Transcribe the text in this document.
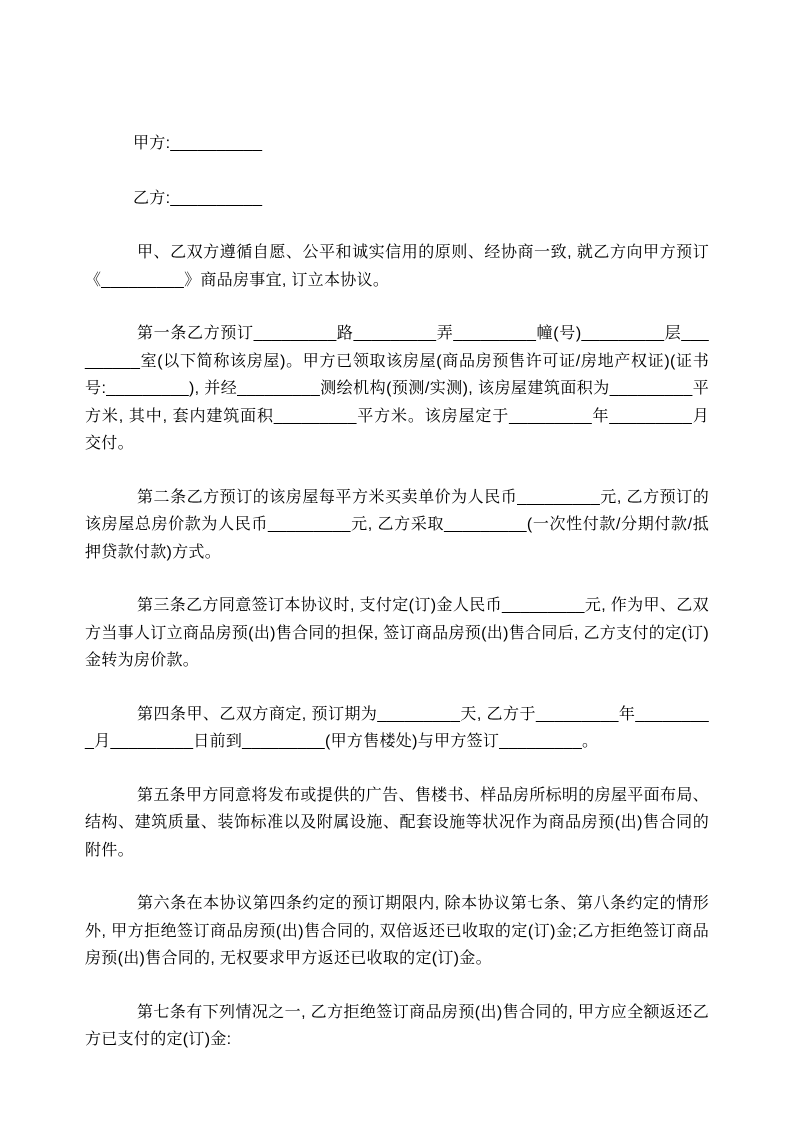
甲方:__________

乙方:__________

甲、乙双方遵循自愿、公平和诚实信用的原则、经协商一致, 就乙方向甲方预订《_________》商品房事宜, 订立本协议。

第一条乙方预订_________路_________弄_________幢(号)_________层_________室(以下简称该房屋)。甲方已领取该房屋(商品房预售许可证/房地产权证)(证书号:_________), 并经_________测绘机构(预测/实测), 该房屋建筑面积为_________平方米, 其中, 套内建筑面积_________平方米。该房屋定于_________年_________月交付。

第二条乙方预订的该房屋每平方米买卖单价为人民币_________元, 乙方预订的该房屋总房价款为人民币_________元, 乙方采取_________(一次性付款/分期付款/抵押贷款付款)方式。

第三条乙方同意签订本协议时, 支付定(订)金人民币_________元, 作为甲、乙双方当事人订立商品房预(出)售合同的担保, 签订商品房预(出)售合同后, 乙方支付的定(订)金转为房价款。

第四条甲、乙双方商定, 预订期为_________天, 乙方于_________年_________月_________日前到_________(甲方售楼处)与甲方签订_________。

第五条甲方同意将发布或提供的广告、售楼书、样品房所标明的房屋平面布局、结构、建筑质量、装饰标准以及附属设施、配套设施等状况作为商品房预(出)售合同的附件。

第六条在本协议第四条约定的预订期限内, 除本协议第七条、第八条约定的情形外, 甲方拒绝签订商品房预(出)售合同的, 双倍返还已收取的定(订)金;乙方拒绝签订商品房预(出)售合同的, 无权要求甲方返还已收取的定(订)金。

第七条有下列情况之一, 乙方拒绝签订商品房预(出)售合同的, 甲方应全额返还乙方已支付的定(订)金:
